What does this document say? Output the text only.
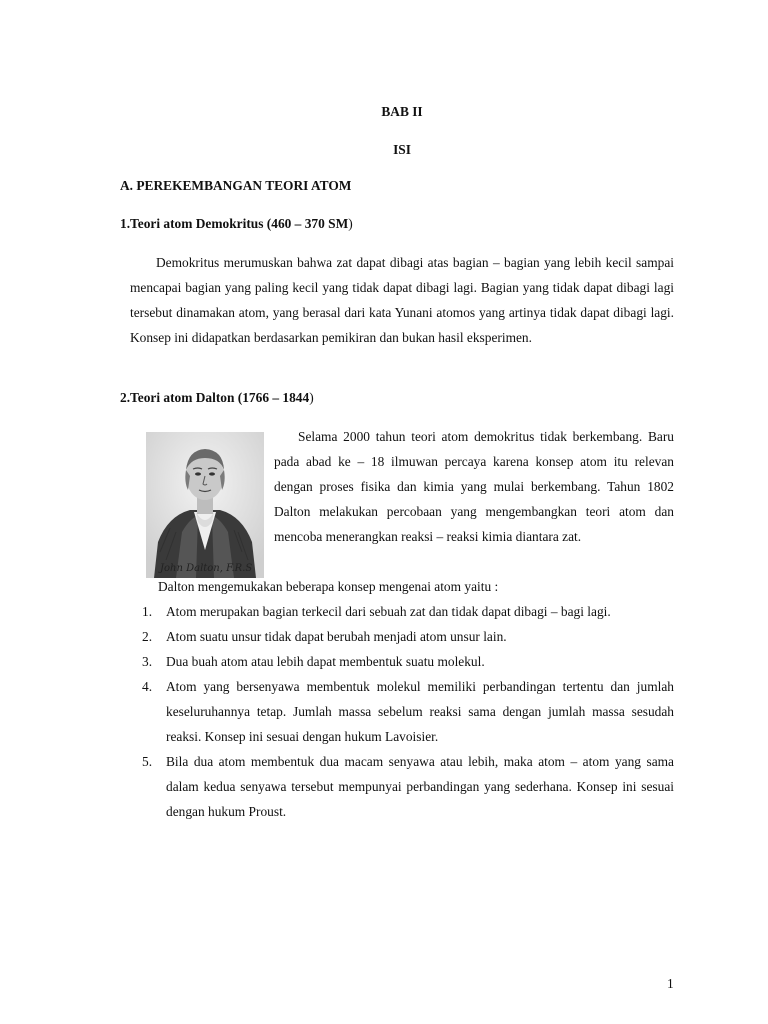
BAB II
ISI
A. PEREKEMBANGAN TEORI ATOM
1.Teori atom Demokritus (460 – 370 SM)

Demokritus merumuskan bahwa zat dapat dibagi atas bagian – bagian yang lebih kecil sampai mencapai bagian yang paling kecil yang tidak dapat dibagi lagi. Bagian yang tidak dapat dibagi lagi tersebut dinamakan atom, yang berasal dari kata Yunani atomos yang artinya tidak dapat dibagi lagi. Konsep ini didapatkan berdasarkan pemikiran dan bukan hasil eksperimen.

2.Teori atom Dalton (1766 – 1844)
John Dalton, F.R.S

Selama 2000 tahun teori atom demokritus tidak berkembang. Baru pada abad ke – 18 ilmuwan percaya karena konsep atom itu relevan dengan proses fisika dan kimia yang mulai berkembang. Tahun 1802 Dalton melakukan percobaan yang mengembangkan teori atom dan mencoba menerangkan reaksi – reaksi kimia diantara zat.

Dalton mengemukakan beberapa konsep mengenai atom yaitu :
1.	Atom merupakan bagian terkecil dari sebuah zat dan tidak dapat dibagi – bagi lagi.
2.	Atom suatu unsur tidak dapat berubah menjadi atom unsur lain.
3.	Dua buah atom atau lebih dapat membentuk suatu molekul.
4.	Atom yang bersenyawa membentuk molekul memiliki perbandingan tertentu dan jumlah keseluruhannya tetap. Jumlah massa sebelum reaksi sama dengan jumlah massa sesudah reaksi. Konsep ini sesuai dengan hukum Lavoisier.
5.	Bila dua atom membentuk dua macam senyawa atau lebih, maka atom – atom yang sama dalam kedua senyawa tersebut mempunyai perbandingan yang sederhana. Konsep ini sesuai dengan hukum Proust.
1
